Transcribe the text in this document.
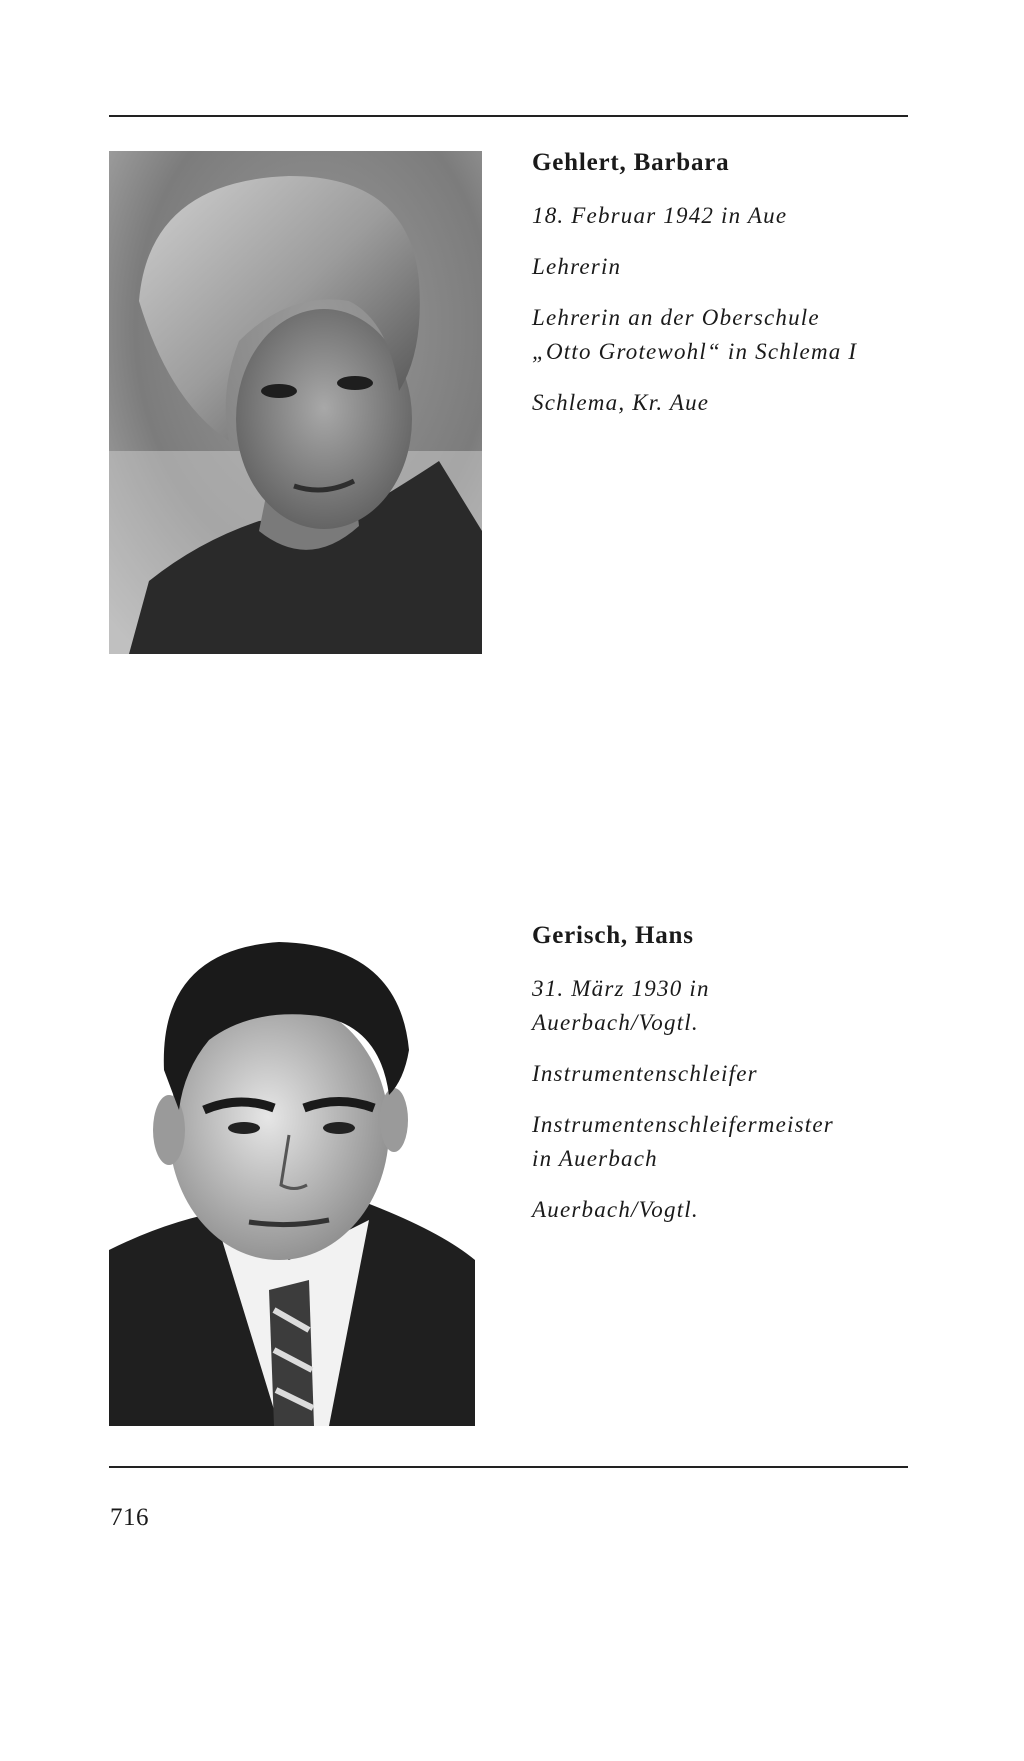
Gehlert, Barbara
18. Februar 1942 in Aue
Lehrerin
Lehrerin an der Oberschule
„Otto Grotewohl“ in Schlema I
Schlema, Kr. Aue
Gerisch, Hans
31. März 1930 in
Auerbach/Vogtl.
Instrumentenschleifer
Instrumentenschleifermeister
in Auerbach
Auerbach/Vogtl.
716
